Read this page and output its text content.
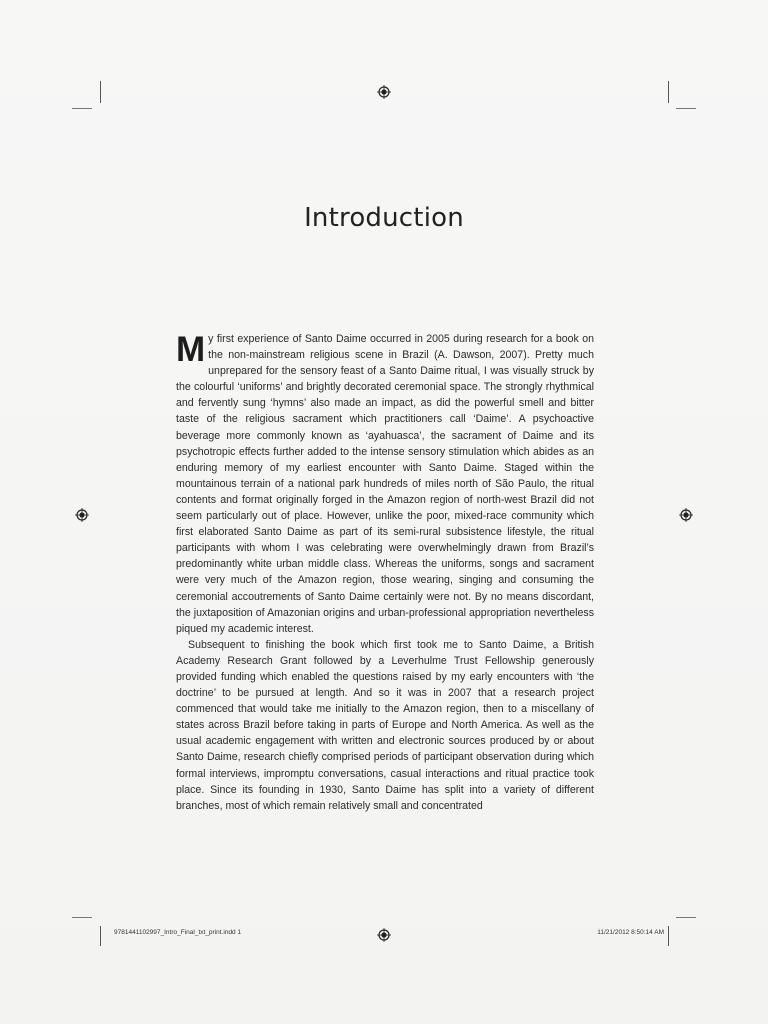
Introduction

My first experience of Santo Daime occurred in 2005 during research for a book on the non-mainstream religious scene in Brazil (A. Dawson, 2007). Pretty much unprepared for the sensory feast of a Santo Daime ritual, I was visually struck by the colourful ‘uniforms’ and brightly decorated ceremonial space. The strongly rhythmical and fervently sung ‘hymns’ also made an impact, as did the powerful smell and bitter taste of the religious sacrament which practitioners call ‘Daime’. A psychoactive beverage more commonly known as ‘ayahuasca’, the sacrament of Daime and its psychotropic effects further added to the intense sensory stimulation which abides as an enduring memory of my earliest encounter with Santo Daime. Staged within the mountainous terrain of a national park hundreds of miles north of São Paulo, the ritual contents and format originally forged in the Amazon region of north-west Brazil did not seem particularly out of place. However, unlike the poor, mixed-race community which first elaborated Santo Daime as part of its semi-rural subsistence lifestyle, the ritual participants with whom I was celebrating were overwhelmingly drawn from Brazil’s predominantly white urban middle class. Whereas the uniforms, songs and sacrament were very much of the Amazon region, those wearing, singing and consuming the ceremonial accoutrements of Santo Daime certainly were not. By no means discordant, the juxtaposition of Amazonian origins and urban-professional appropriation nevertheless piqued my academic interest.

Subsequent to finishing the book which first took me to Santo Daime, a British Academy Research Grant followed by a Leverhulme Trust Fellowship generously provided funding which enabled the questions raised by my early encounters with ‘the doctrine’ to be pursued at length. And so it was in 2007 that a research project commenced that would take me initially to the Amazon region, then to a miscellany of states across Brazil before taking in parts of Europe and North America. As well as the usual academic engagement with written and electronic sources produced by or about Santo Daime, research chiefly comprised periods of participant observation during which formal interviews, impromptu conversations, casual interactions and ritual practice took place. Since its founding in 1930, Santo Daime has split into a variety of different branches, most of which remain relatively small and concentrated

9781441102997_Intro_Final_txt_print.indd 1	11/21/2012 8:50:14 AM
